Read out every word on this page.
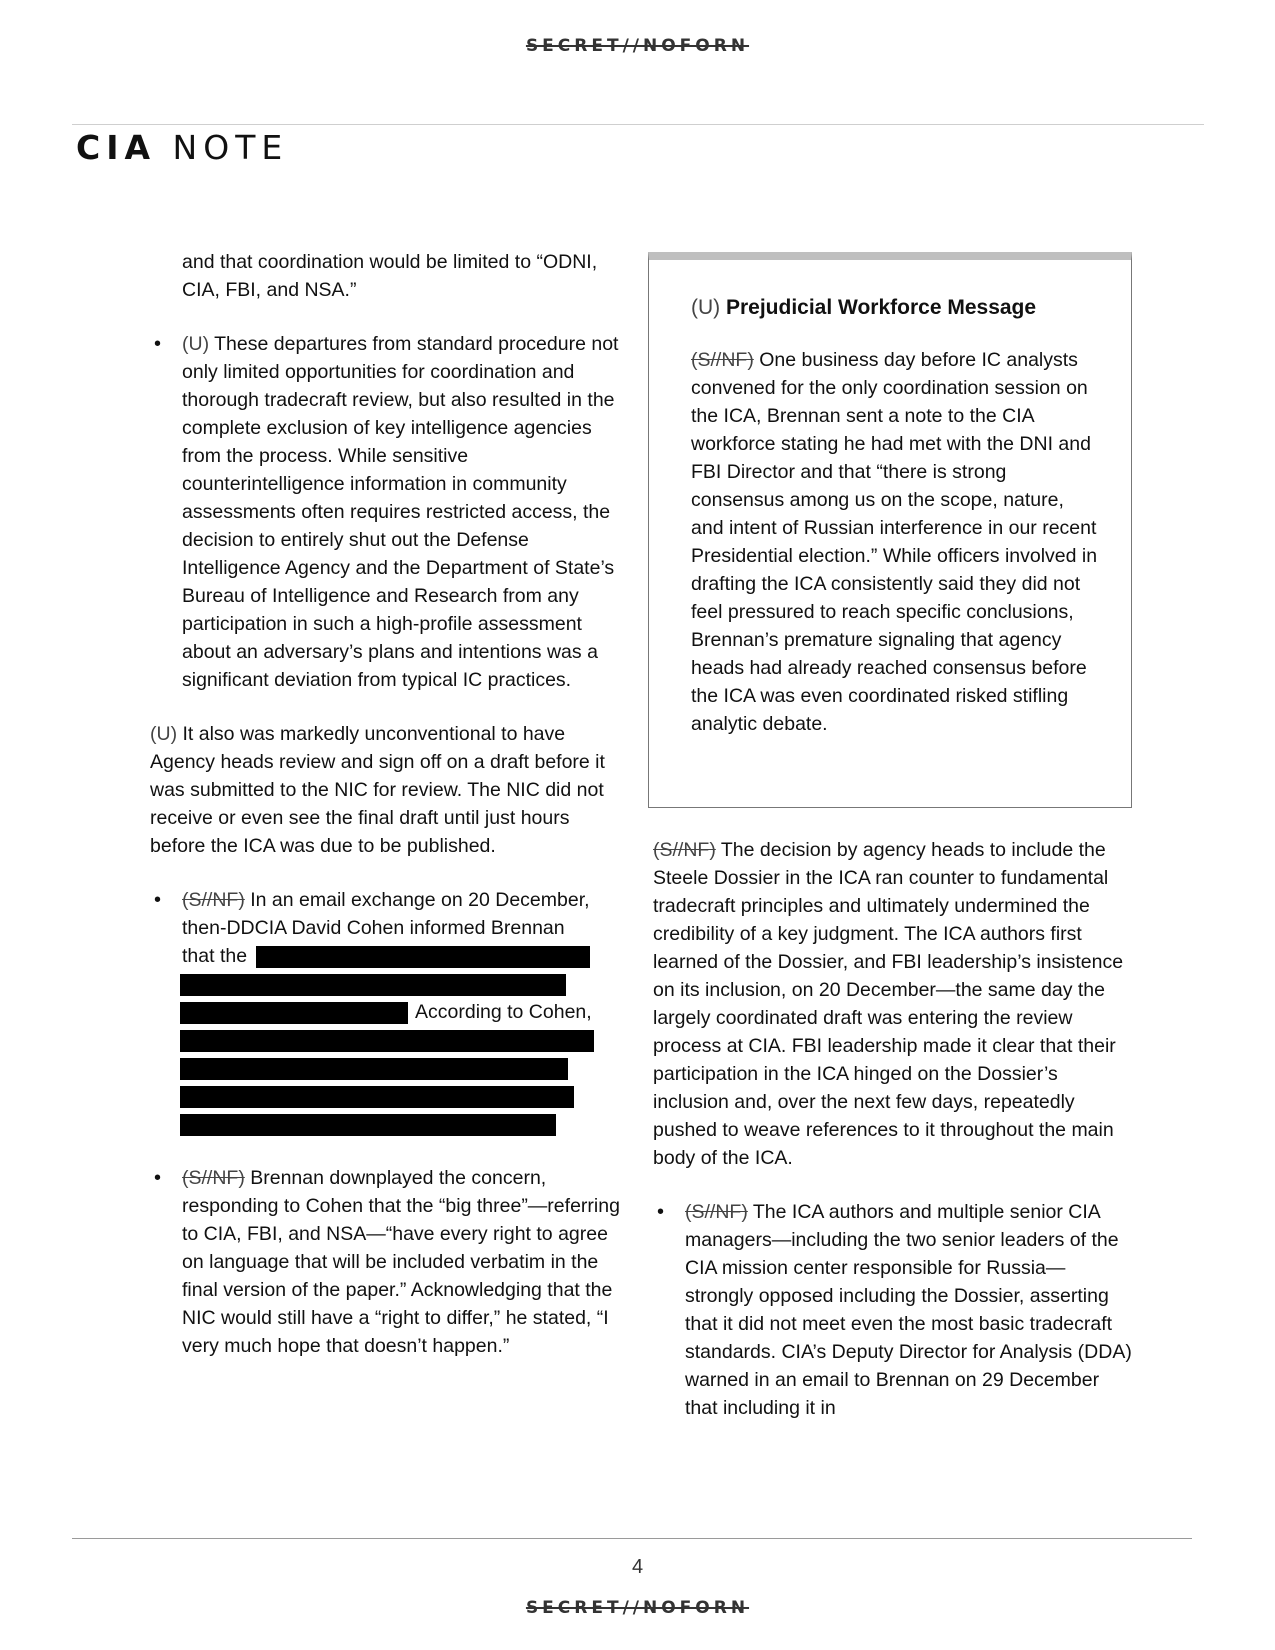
SECRET//NOFORN
CIA NOTE

and that coordination would be limited to “ODNI, CIA, FBI, and NSA.”

• (U) These departures from standard procedure not only limited opportunities for coordination and thorough tradecraft review, but also resulted in the complete exclusion of key intelligence agencies from the process. While sensitive counterintelligence information in community assessments often requires restricted access, the decision to entirely shut out the Defense Intelligence Agency and the Department of State’s Bureau of Intelligence and Research from any participation in such a high-profile assessment about an adversary’s plans and intentions was a significant deviation from typical IC practices.

(U) It also was markedly unconventional to have Agency heads review and sign off on a draft before it was submitted to the NIC for review. The NIC did not receive or even see the final draft until just hours before the ICA was due to be published.

• (S//NF) In an email exchange on 20 December, then-DDCIA David Cohen informed Brennan

that the
According to Cohen,
• (S//NF) Brennan downplayed the concern, responding to Cohen that the “big three”—referring to CIA, FBI, and NSA—“have every right to agree on language that will be included verbatim in the final version of the paper.” Acknowledging that the NIC would still have a “right to differ,” he stated, “I very much hope that doesn’t happen.”

(U) Prejudicial Workforce Message

(S//NF) One business day before IC analysts convened for the only coordination session on the ICA, Brennan sent a note to the CIA workforce stating he had met with the DNI and FBI Director and that “there is strong consensus among us on the scope, nature, and intent of Russian interference in our recent Presidential election.” While officers involved in drafting the ICA consistently said they did not feel pressured to reach specific conclusions, Brennan’s premature signaling that agency heads had already reached consensus before the ICA was even coordinated risked stifling analytic debate.

(S//NF) The decision by agency heads to include the Steele Dossier in the ICA ran counter to fundamental tradecraft principles and ultimately undermined the credibility of a key judgment. The ICA authors first learned of the Dossier, and FBI leadership’s insistence on its inclusion, on 20 December—the same day the largely coordinated draft was entering the review process at CIA. FBI leadership made it clear that their participation in the ICA hinged on the Dossier’s inclusion and, over the next few days, repeatedly pushed to weave references to it throughout the main body of the ICA.

• (S//NF) The ICA authors and multiple senior CIA managers—including the two senior leaders of the CIA mission center responsible for Russia—strongly opposed including the Dossier, asserting that it did not meet even the most basic tradecraft standards. CIA’s Deputy Director for Analysis (DDA) warned in an email to Brennan on 29 December that including it in

4
SECRET//NOFORN
